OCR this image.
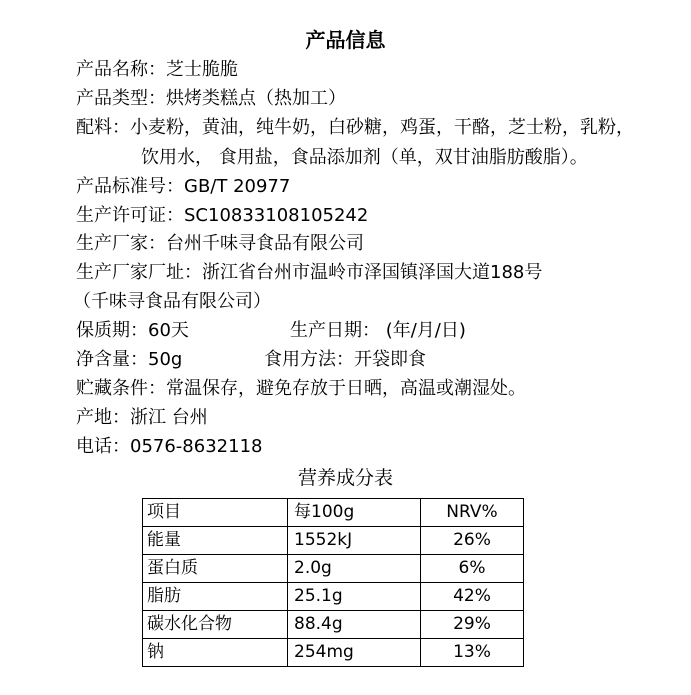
产品信息
产品名称：芝士脆脆
产品类型：烘烤类糕点（热加工）
配料：小麦粉，黄油，纯牛奶，白砂糖，鸡蛋，干酪，芝士粉，乳粉，
饮用水， 食用盐，食品添加剂（单，双甘油脂肪酸脂）。
产品标准号：GB/T 20977
生产许可证：SC10833108105242
生产厂家：台州千味寻食品有限公司
生产厂家厂址：浙江省台州市温岭市泽国镇泽国大道188号
（千味寻食品有限公司）
保质期：60天	生产日期： (年/月/日)
净含量：50g	食用方法：开袋即食
贮藏条件：常温保存，避免存放于日晒，高温或潮湿处。
产地：浙江 台州
电话：0576-8632118
营养成分表
项目	每100g	NRV%
能量	1552kJ	26%
蛋白质	2.0g	6%
脂肪	25.1g	42%
碳水化合物	88.4g	29%
钠	254mg	13%
